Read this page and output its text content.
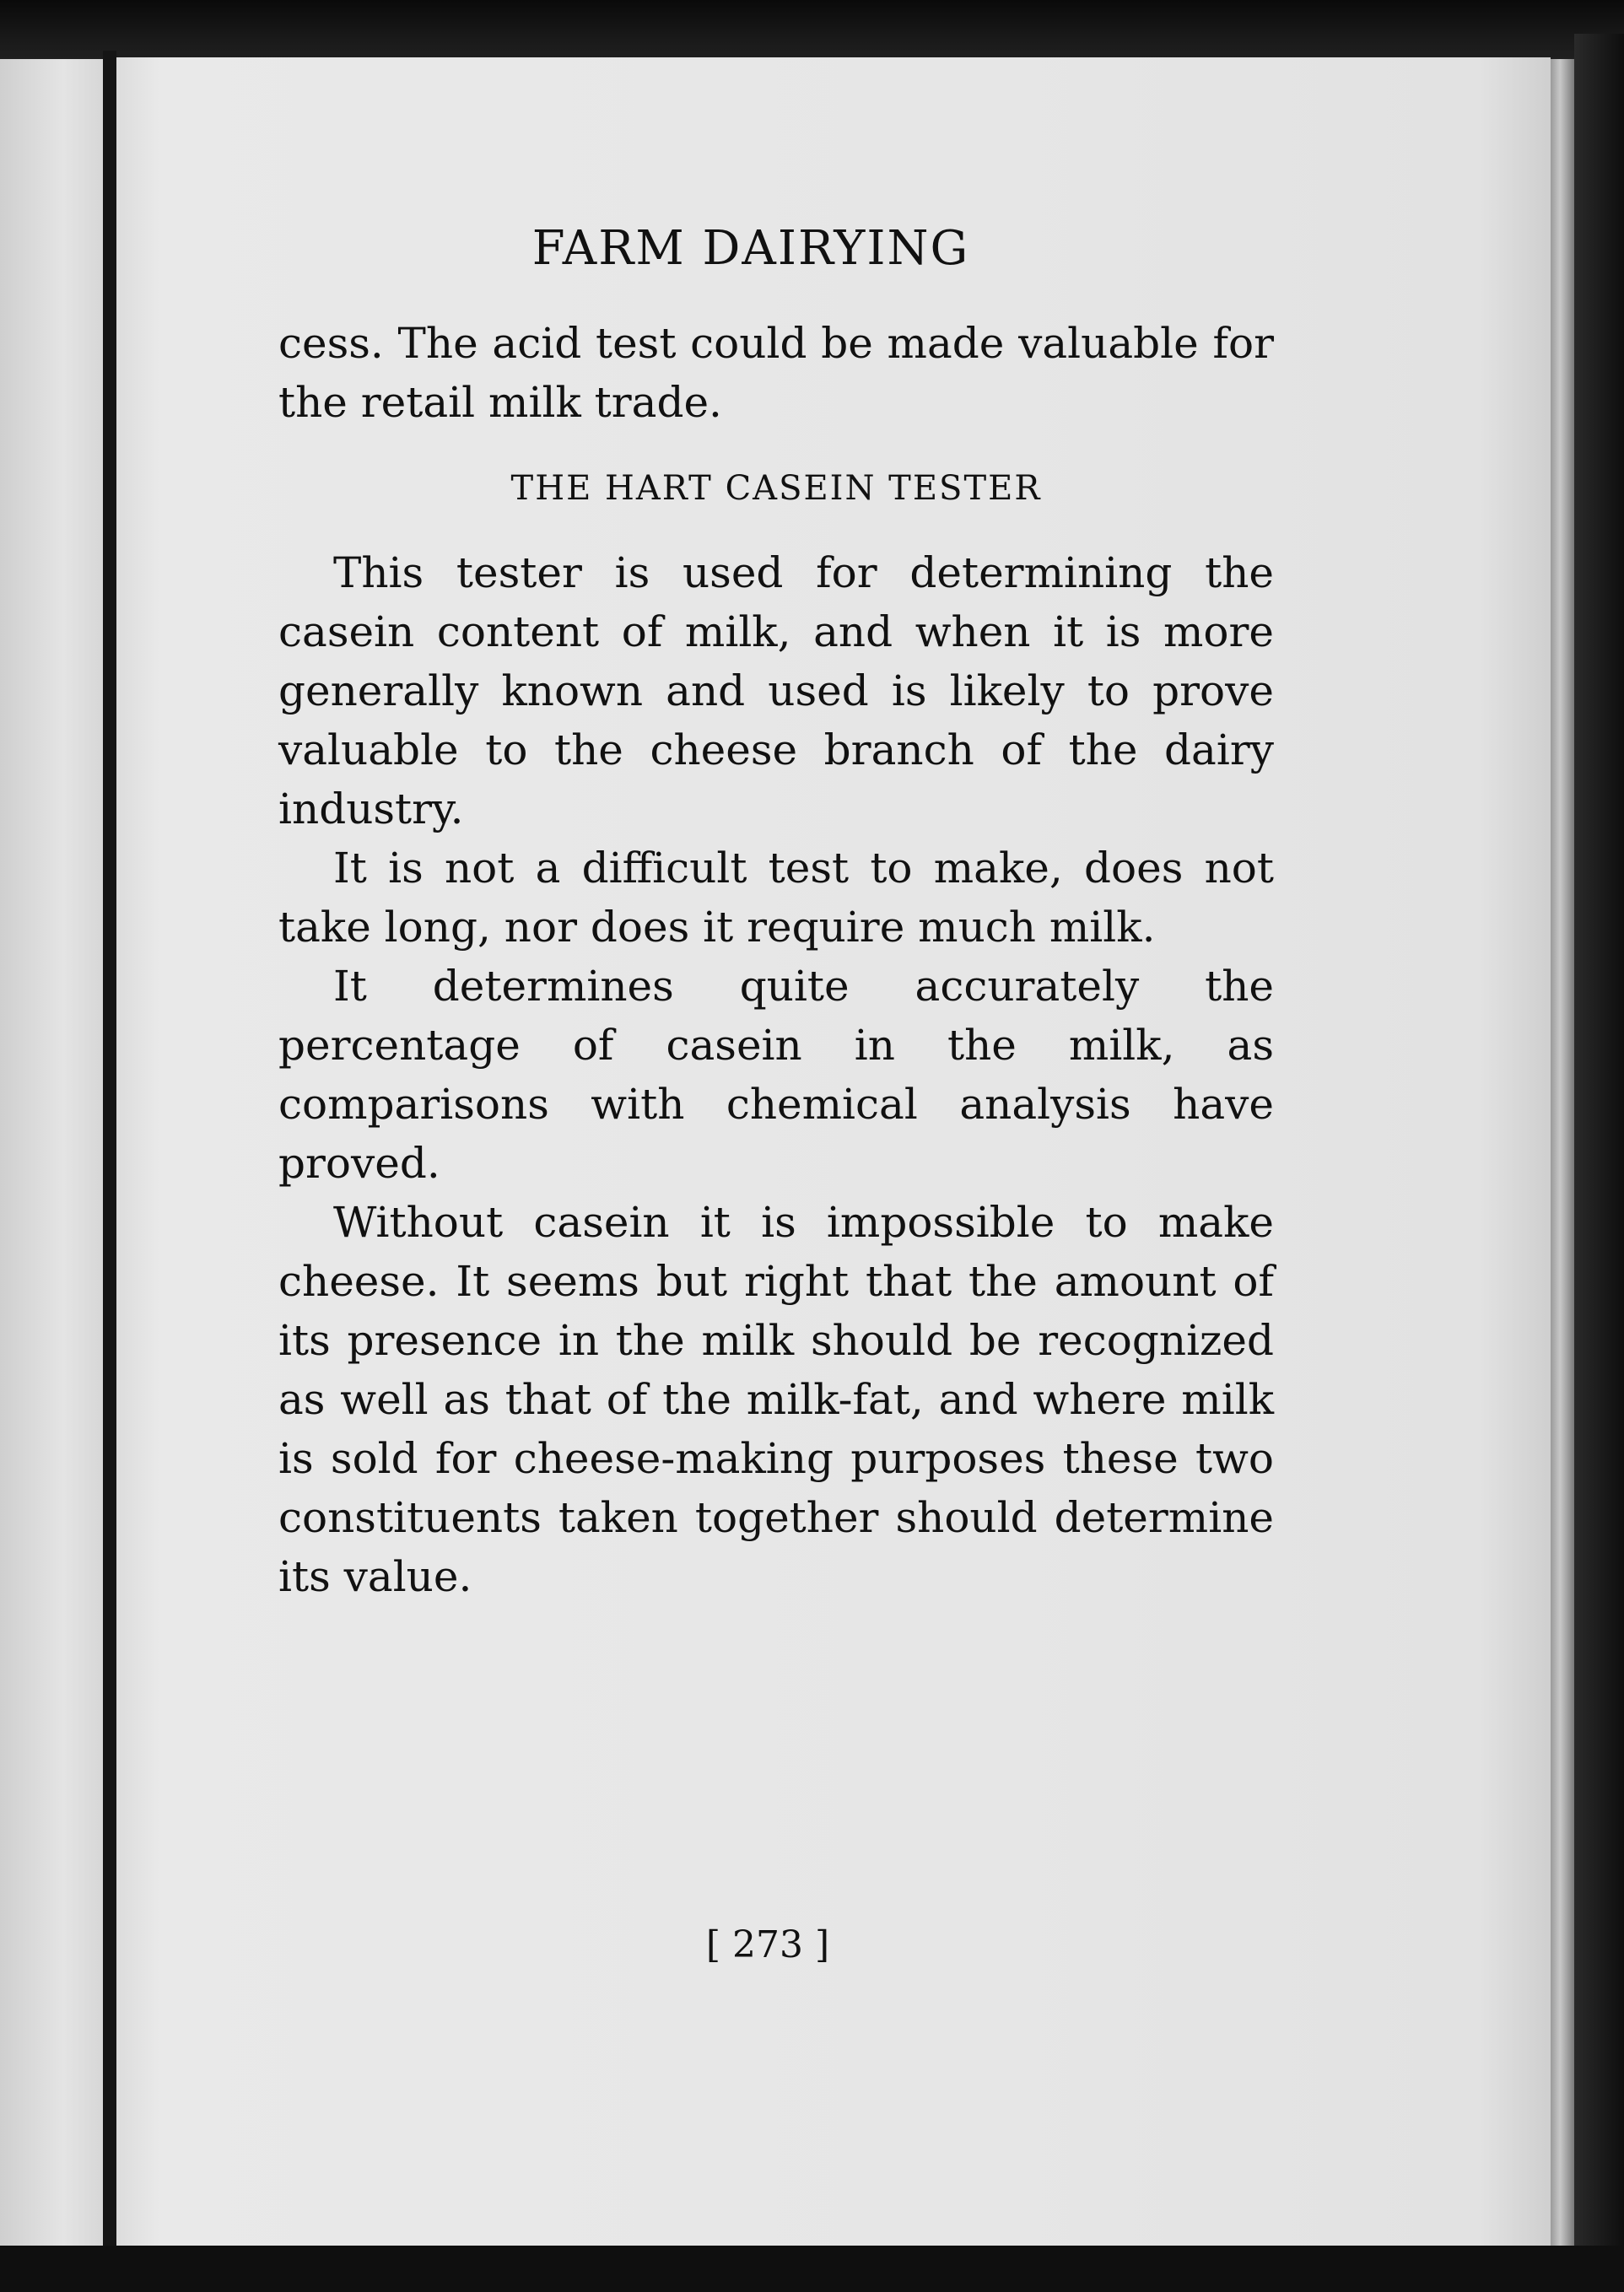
FARM DAIRYING

cess. The acid test could be made valuable for the retail milk trade.

THE HART CASEIN TESTER

This tester is used for determining the casein content of milk, and when it is more generally known and used is likely to prove valuable to the cheese branch of the dairy industry.

It is not a difficult test to make, does not take long, nor does it require much milk.

It determines quite accurately the percentage of casein in the milk, as comparisons with chemical analysis have proved.

Without casein it is impossible to make cheese. It seems but right that the amount of its presence in the milk should be recognized as well as that of the milk-fat, and where milk is sold for cheese-making purposes these two constituents taken together should determine its value.

[ 273 ]
